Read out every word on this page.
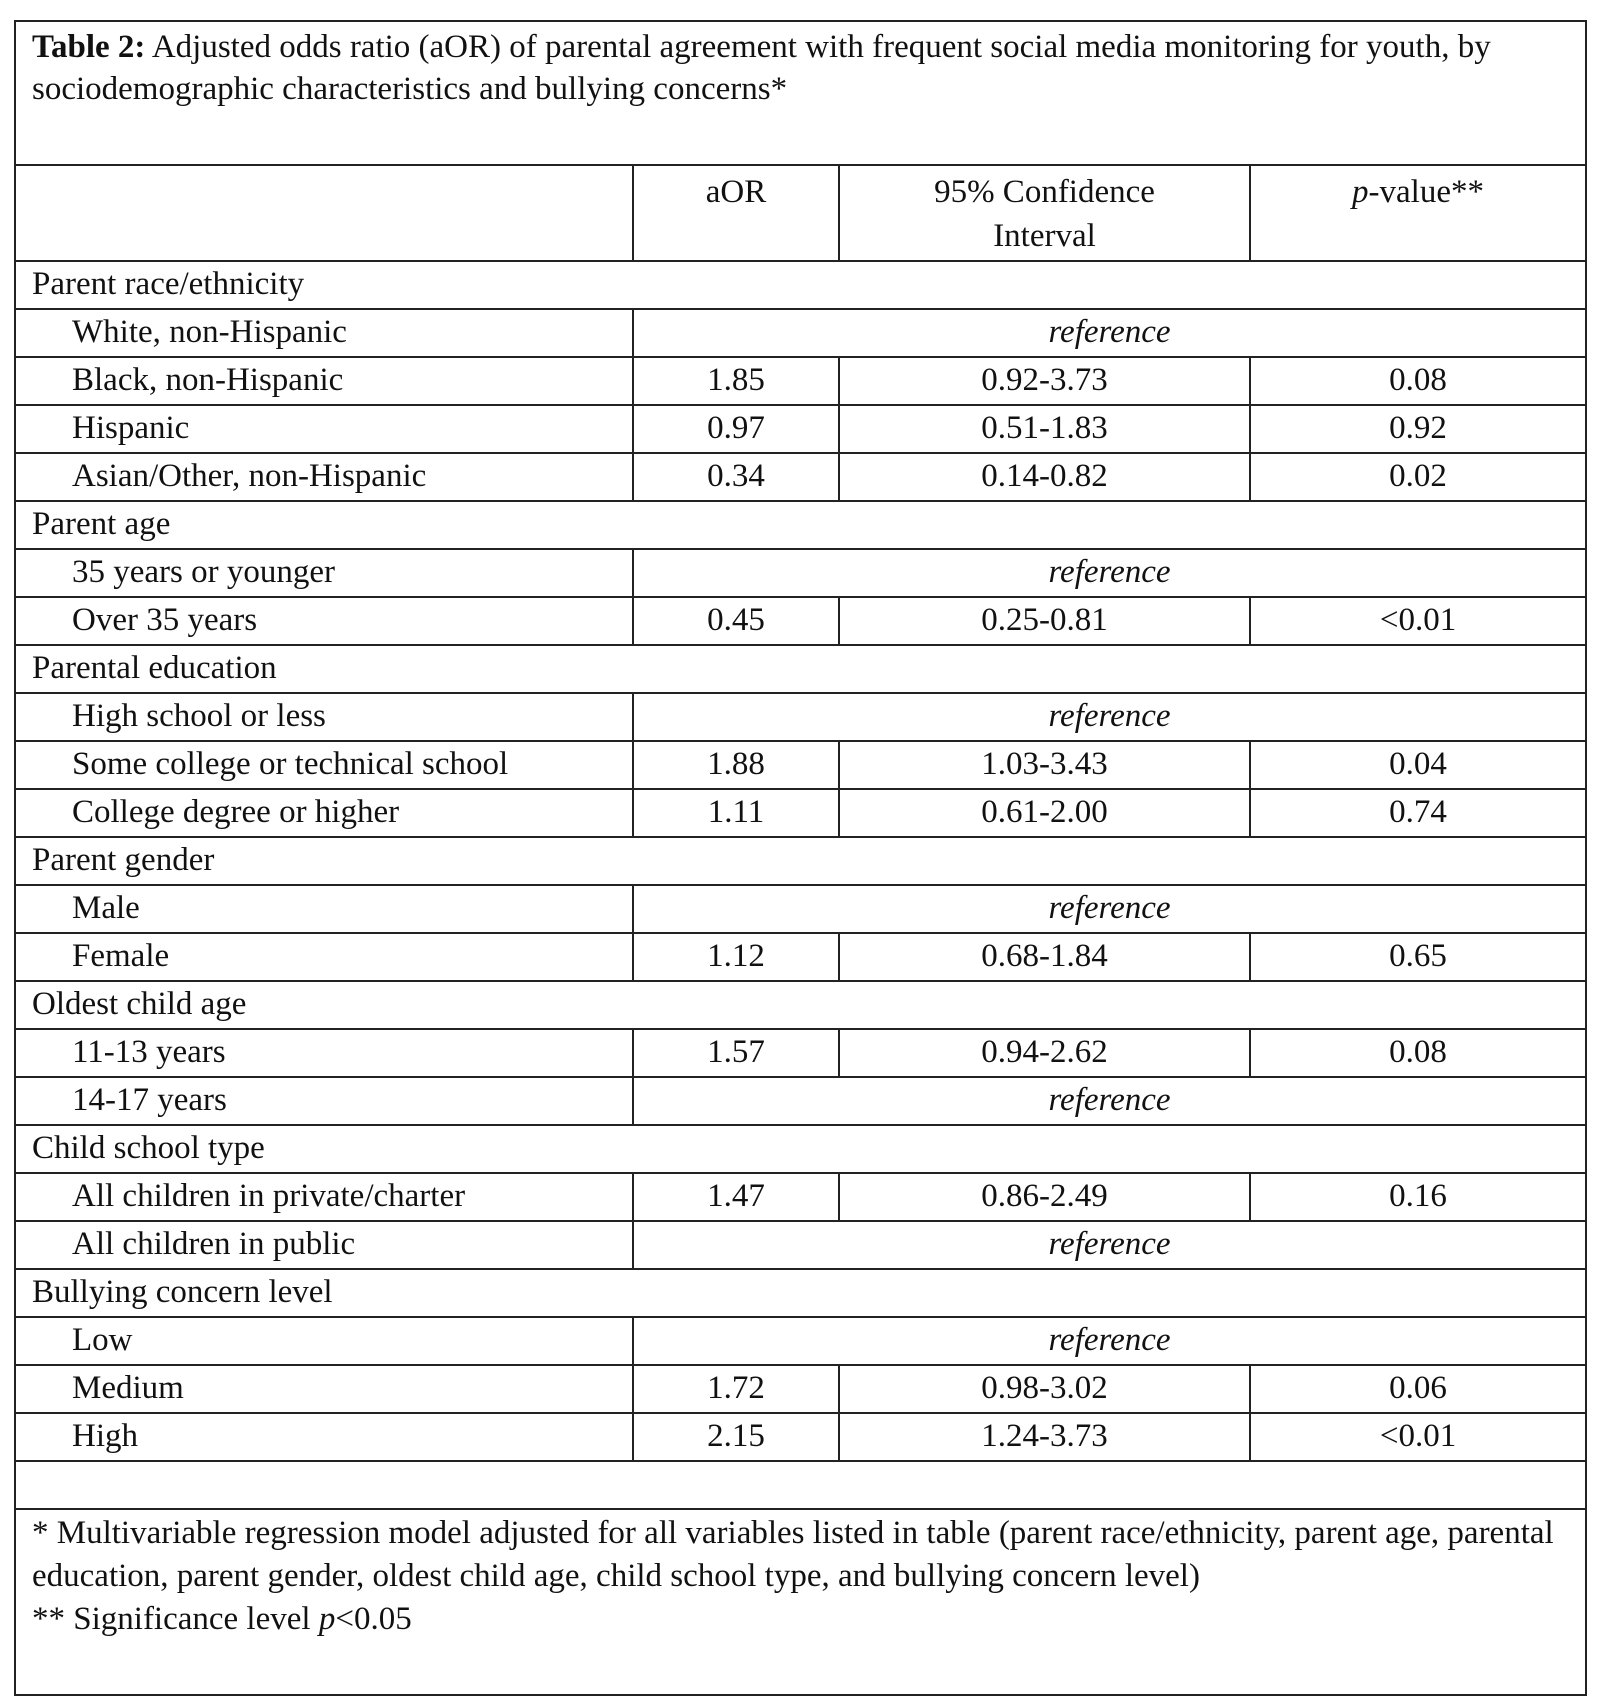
Table 2: Adjusted odds ratio (aOR) of parental agreement with frequent social media monitoring for youth, by sociodemographic characteristics and bullying concerns*			
	aOR	95% Confidence Interval	p-value**
Parent race/ethnicity			
White, non-Hispanic	reference		
Black, non-Hispanic	1.85	0.92-3.73	0.08
Hispanic	0.97	0.51-1.83	0.92
Asian/Other, non-Hispanic	0.34	0.14-0.82	0.02
Parent age			
35 years or younger	reference		
Over 35 years	0.45	0.25-0.81	<0.01
Parental education			
High school or less	reference		
Some college or technical school	1.88	1.03-3.43	0.04
College degree or higher	1.11	0.61-2.00	0.74
Parent gender			
Male	reference		
Female	1.12	0.68-1.84	0.65
Oldest child age			
11-13 years	1.57	0.94-2.62	0.08
14-17 years	reference		
Child school type			
All children in private/charter	1.47	0.86-2.49	0.16
All children in public	reference		
Bullying concern level			
Low	reference		
Medium	1.72	0.98-3.02	0.06
High	2.15	1.24-3.73	<0.01

* Multivariable regression model adjusted for all variables listed in table (parent race/ethnicity, parent age, parental education, parent gender, oldest child age, child school type, and bullying concern level)
** Significance level p<0.05			
